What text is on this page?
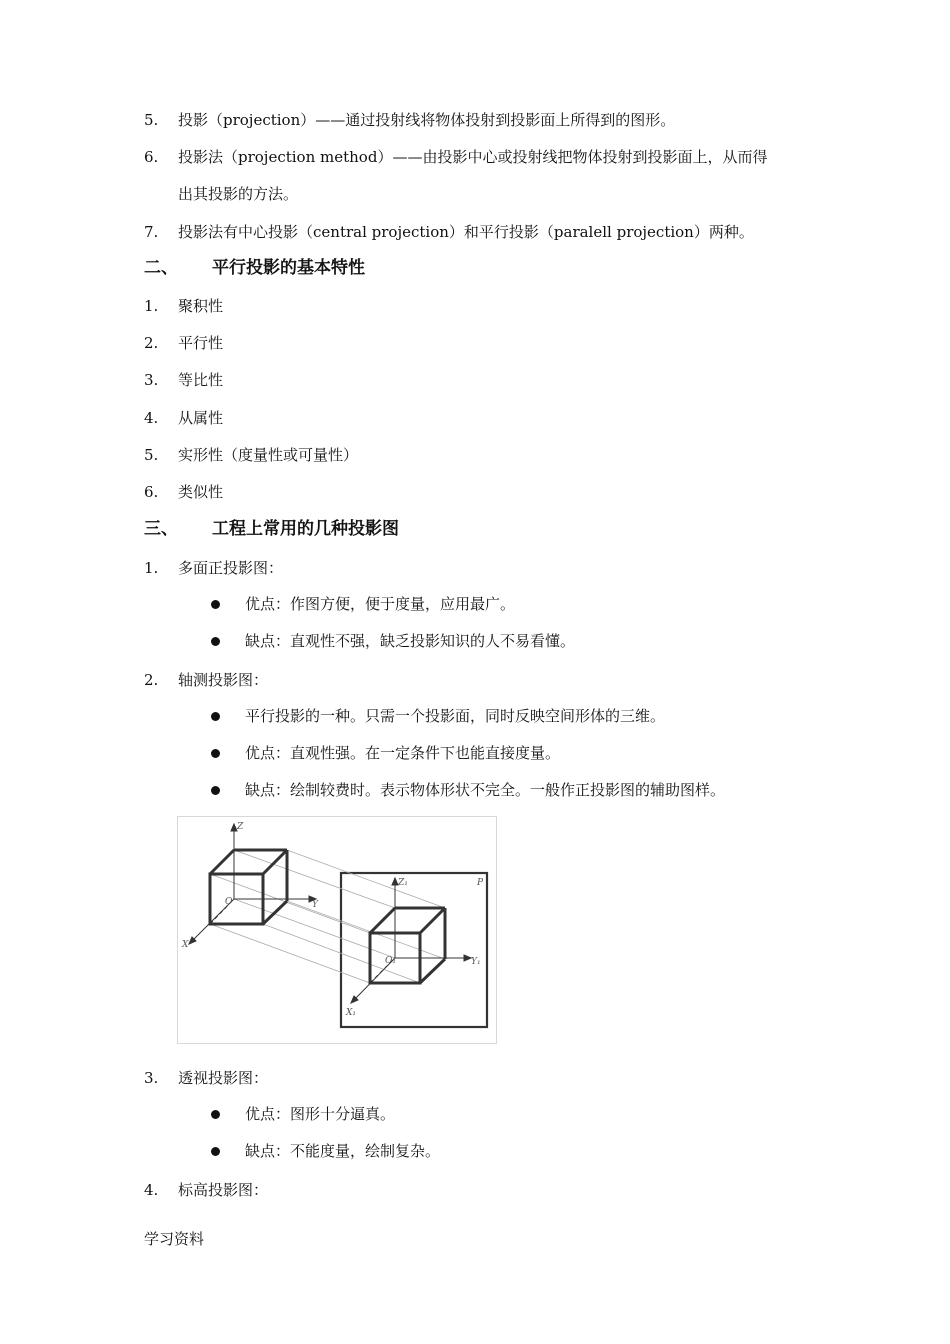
5. 投影（projection）——通过投射线将物体投射到投影面上所得到的图形。
6. 投影法（projection method）——由投影中心或投射线把物体投射到投影面上，从而得
出其投影的方法。
7. 投影法有中心投影（central projection）和平行投影（paralell projection）两种。
二、 平行投影的基本特性
1. 聚积性
2. 平行性
3. 等比性
4. 从属性
5. 实形性（度量性或可量性）
6. 类似性
三、 工程上常用的几种投影图
1. 多面正投影图：
优点：作图方便，便于度量，应用最广。
缺点：直观性不强，缺乏投影知识的人不易看懂。
2. 轴测投影图：
平行投影的一种。只需一个投影面，同时反映空间形体的三维。
优点：直观性强。在一定条件下也能直接度量。
缺点：绘制较费时。表示物体形状不完全。一般作正投影图的辅助图样。
Z
X
Y
O
Z₁
X₁
Y₁
O₁
P
3. 透视投影图：
优点：图形十分逼真。
缺点：不能度量，绘制复杂。
4. 标高投影图：
学习资料
